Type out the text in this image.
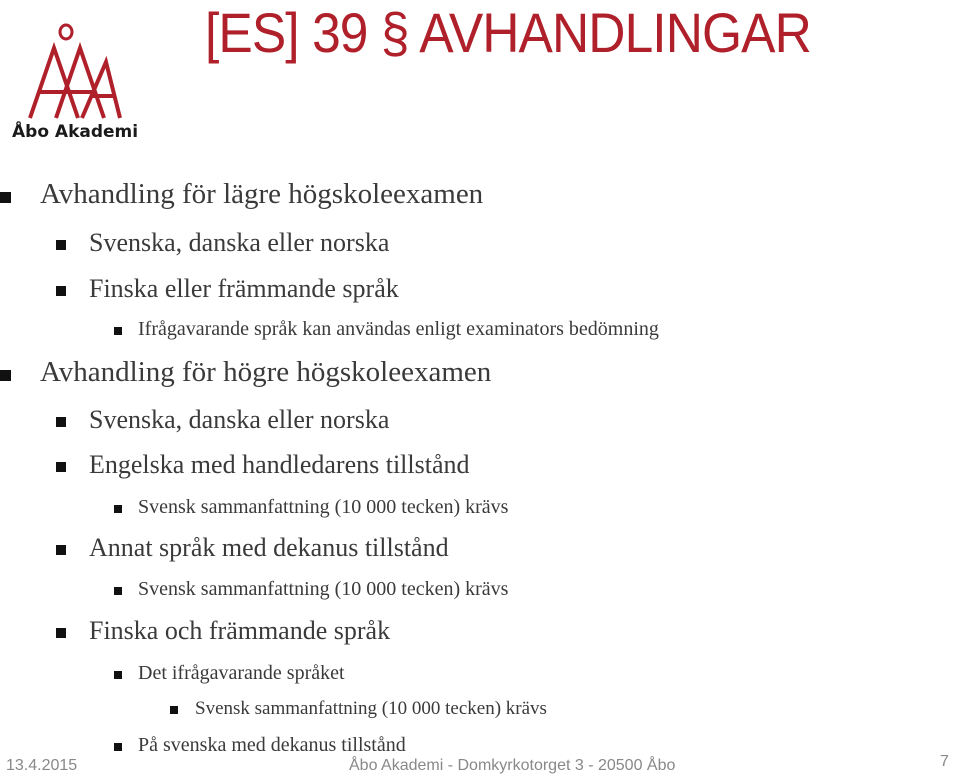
Åbo Akademi
[ES] 39 § AVHANDLINGAR
Avhandling för lägre högskoleexamen
Svenska, danska eller norska
Finska eller främmande språk
Ifrågavarande språk kan användas enligt examinators bedömning
Avhandling för högre högskoleexamen
Svenska, danska eller norska
Engelska med handledarens tillstånd
Svensk sammanfattning (10 000 tecken) krävs
Annat språk med dekanus tillstånd
Svensk sammanfattning (10 000 tecken) krävs
Finska och främmande språk
Det ifrågavarande språket
Svensk sammanfattning (10 000 tecken) krävs
På svenska med dekanus tillstånd
13.4.2015	Åbo Akademi - Domkyrkotorget 3 - 20500 Åbo	7
